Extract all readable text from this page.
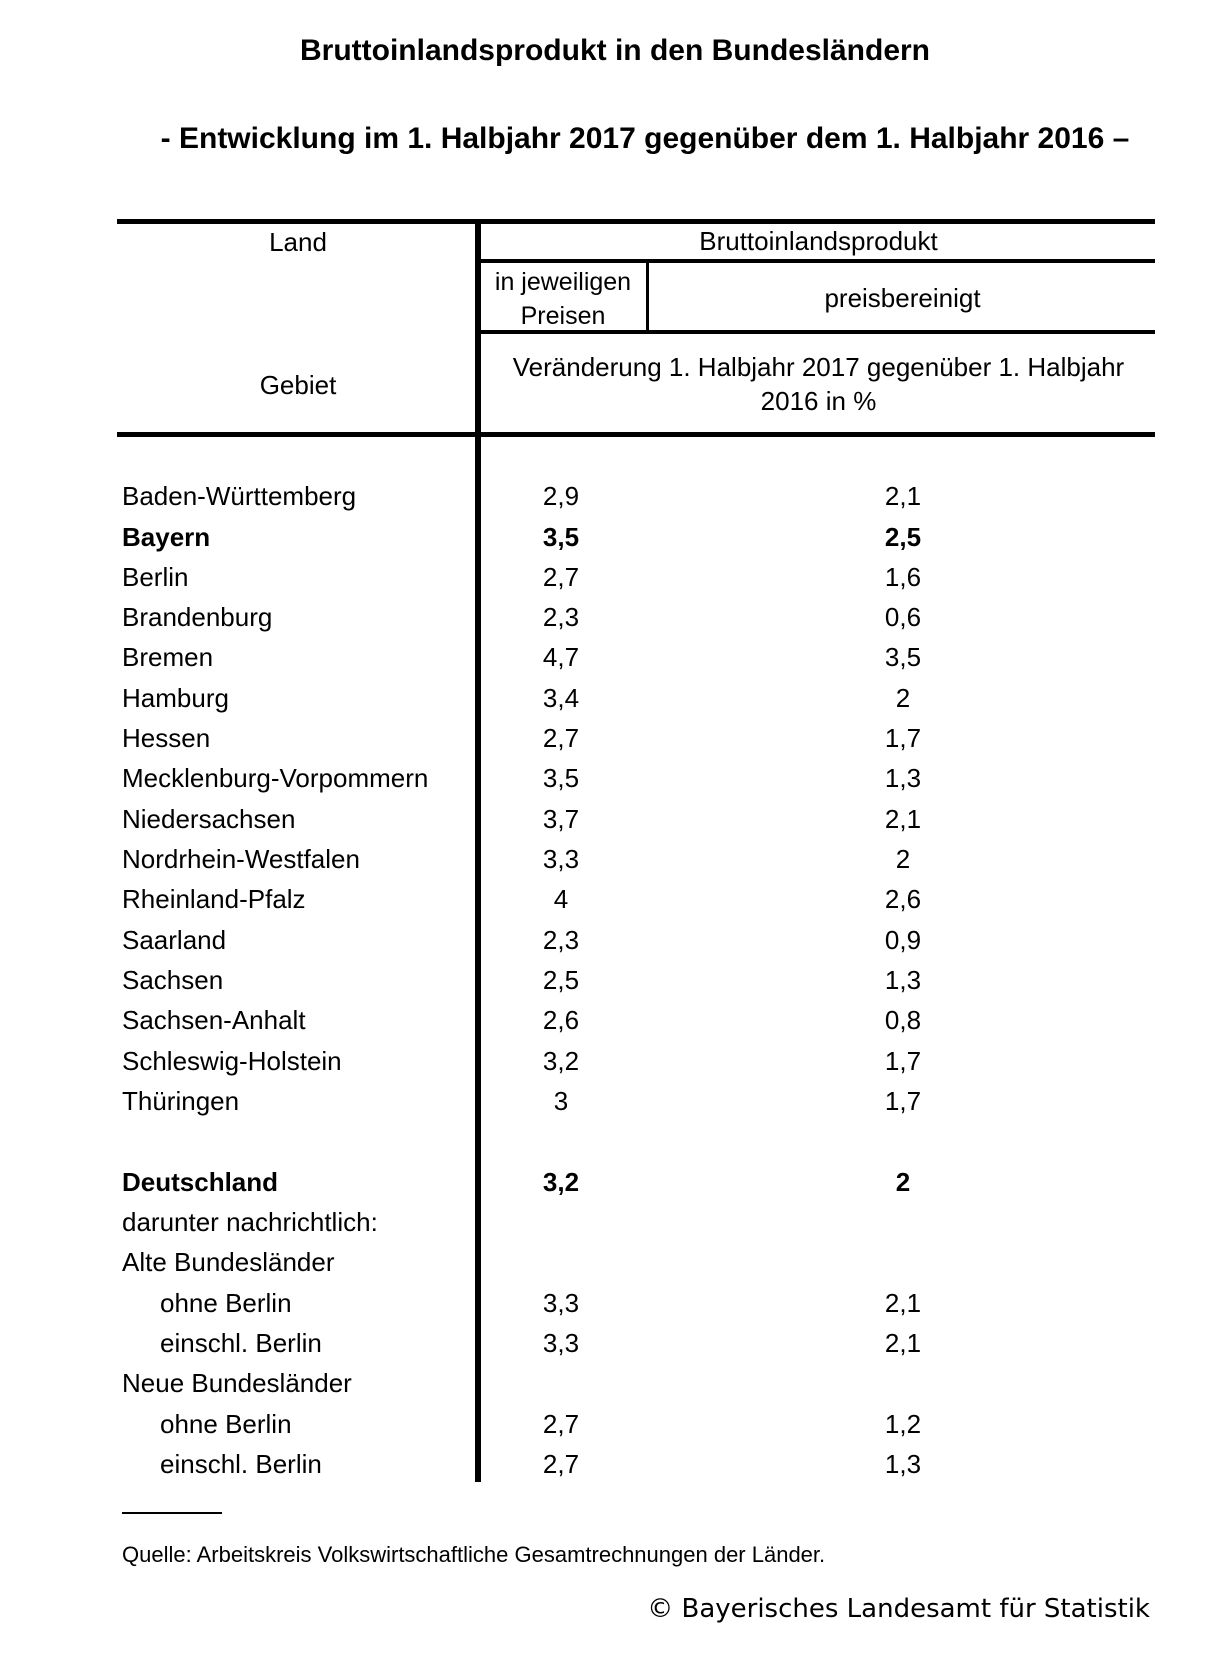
Bruttoinlandsprodukt in den Bundesländern
- Entwicklung im 1. Halbjahr 2017 gegenüber dem 1. Halbjahr 2016 –
Land
Gebiet
Bruttoinlandsprodukt
in jeweiligen Preisen
preisbereinigt
Veränderung 1. Halbjahr 2017 gegenüber 1. Halbjahr 2016 in %
Baden-Württemberg	2,9	2,1
Bayern	3,5	2,5
Berlin	2,7	1,6
Brandenburg	2,3	0,6
Bremen	4,7	3,5
Hamburg	3,4	2
Hessen	2,7	1,7
Mecklenburg-Vorpommern	3,5	1,3
Niedersachsen	3,7	2,1
Nordrhein-Westfalen	3,3	2
Rheinland-Pfalz	4	2,6
Saarland	2,3	0,9
Sachsen	2,5	1,3
Sachsen-Anhalt	2,6	0,8
Schleswig-Holstein	3,2	1,7
Thüringen	3	1,7
Deutschland	3,2	2
darunter nachrichtlich:
Alte Bundesländer
ohne Berlin	3,3	2,1
einschl. Berlin	3,3	2,1
Neue Bundesländer
ohne Berlin	2,7	1,2
einschl. Berlin	2,7	1,3
Quelle: Arbeitskreis Volkswirtschaftliche Gesamtrechnungen der Länder.
© Bayerisches Landesamt für Statistik
